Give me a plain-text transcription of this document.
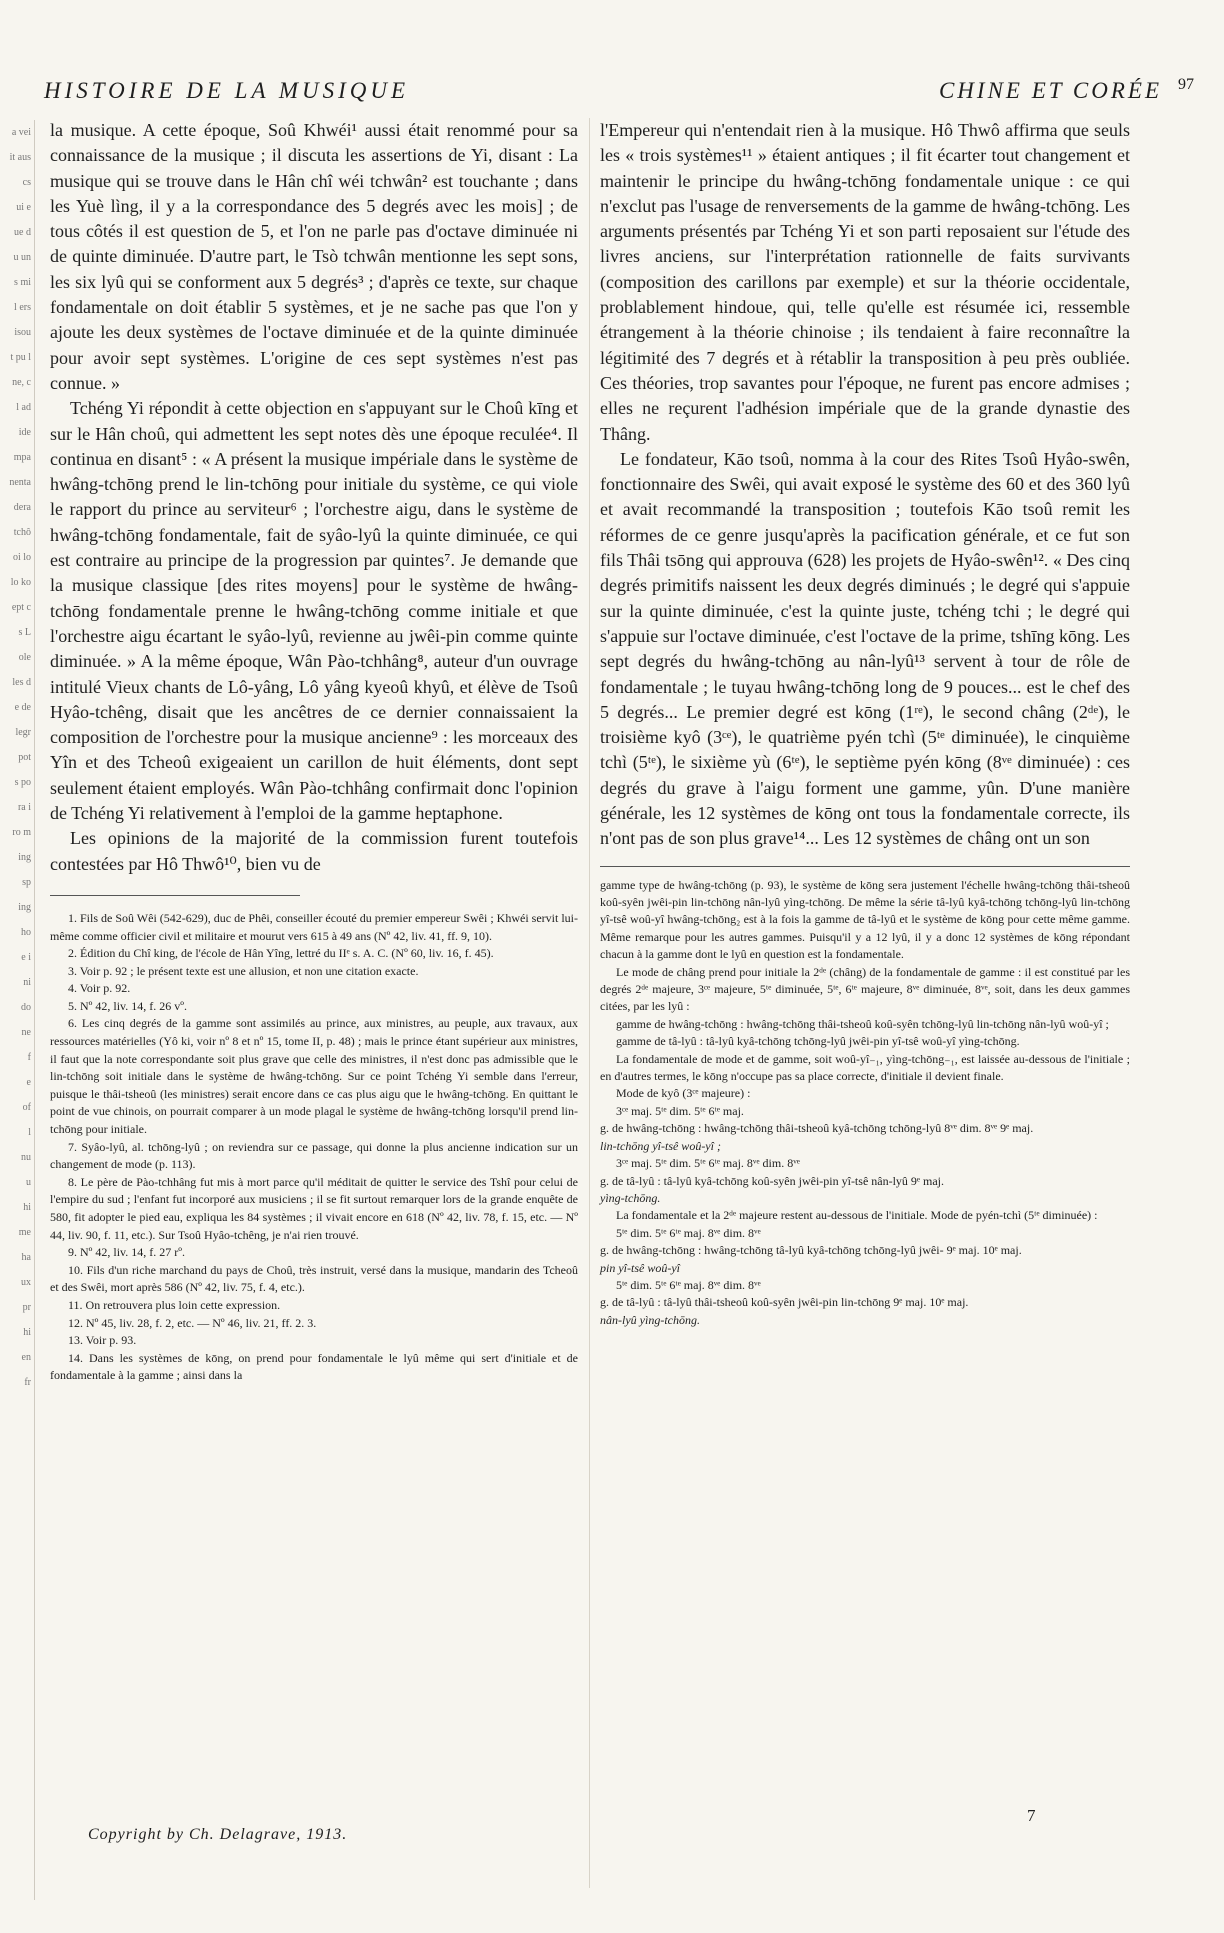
a vei
it aus
cs
ui e
ue d
u un
s mi
l ers
isou
t pu l
ne, c
l ad
ide
mpa
nenta
dera
tchô
oi lo
lo ko
ept c
s L
ole
les d
e de
legr
pot
s po
ra i
ro m
ing
sp
ing
ho
e i
ni
do
ne
f
e
of
l
nu
u
hi
me
ha
ux
pr
hi
en
fr
HISTOIRE DE LA MUSIQUE	CHINE ET CORÉE 97

la musique. A cette époque, Soû Khwéi¹ aussi était renommé pour sa connaissance de la musique ; il discuta les assertions de Yi, disant : La musique qui se trouve dans le Hân chî wéi tchwân² est touchante ; dans les Yuè lìng, il y a la correspondance des 5 degrés avec les mois] ; de tous côtés il est question de 5, et l'on ne parle pas d'octave diminuée ni de quinte diminuée. D'autre part, le Tsò tchwân mentionne les sept sons, les six lyû qui se conforment aux 5 degrés³ ; d'après ce texte, sur chaque fondamentale on doit établir 5 systèmes, et je ne sache pas que l'on y ajoute les deux systèmes de l'octave diminuée et de la quinte diminuée pour avoir sept systèmes. L'origine de ces sept systèmes n'est pas connue. »

Tchéng Yi répondit à cette objection en s'appuyant sur le Choû kīng et sur le Hân choû, qui admettent les sept notes dès une époque reculée⁴. Il continua en disant⁵ : « A présent la musique impériale dans le système de hwâng-tchōng prend le lin-tchōng pour initiale du système, ce qui viole le rapport du prince au serviteur⁶ ; l'orchestre aigu, dans le système de hwâng-tchōng fondamentale, fait de syâo-lyû la quinte diminuée, ce qui est contraire au principe de la progression par quintes⁷. Je demande que la musique classique [des rites moyens] pour le système de hwâng-tchōng fondamentale prenne le hwâng-tchōng comme initiale et que l'orchestre aigu écartant le syâo-lyû, revienne au jwêi-pin comme quinte diminuée. » A la même époque, Wân Pào-tchhâng⁸, auteur d'un ouvrage intitulé Vieux chants de Lô-yâng, Lô yâng kyeoû khyû, et élève de Tsoû Hyâo-tchêng, disait que les ancêtres de ce dernier connaissaient la composition de l'orchestre pour la musique ancienne⁹ : les morceaux des Yîn et des Tcheoû exigeaient un carillon de huit éléments, dont sept seulement étaient employés. Wân Pào-tchhâng confirmait donc l'opinion de Tchéng Yi relativement à l'emploi de la gamme heptaphone.

Les opinions de la majorité de la commission furent toutefois contestées par Hô Thwô¹⁰, bien vu de

1. Fils de Soû Wêi (542-629), duc de Phêi, conseiller écouté du premier empereur Swêi ; Khwéi servit lui-même comme officier civil et militaire et mourut vers 615 à 49 ans (Nº 42, liv. 41, ff. 9, 10).

2. Édition du Chî king, de l'école de Hân Yîng, lettré du IIᵉ s. A. C. (Nº 60, liv. 16, f. 45).

3. Voir p. 92 ; le présent texte est une allusion, et non une citation exacte.

4. Voir p. 92.

5. Nº 42, liv. 14, f. 26 vº.

6. Les cinq degrés de la gamme sont assimilés au prince, aux ministres, au peuple, aux travaux, aux ressources matérielles (Yô ki, voir nº 8 et nº 15, tome II, p. 48) ; mais le prince étant supérieur aux ministres, il faut que la note correspondante soit plus grave que celle des ministres, il n'est donc pas admissible que le lin-tchōng soit initiale dans le système de hwâng-tchōng. Sur ce point Tchéng Yi semble dans l'erreur, puisque le thâi-tsheoû (les ministres) serait encore dans ce cas plus aigu que le hwâng-tchōng. En quittant le point de vue chinois, on pourrait comparer à un mode plagal le système de hwâng-tchōng lorsqu'il prend lin-tchōng pour initiale.

7. Syâo-lyû, al. tchōng-lyû ; on reviendra sur ce passage, qui donne la plus ancienne indication sur un changement de mode (p. 113).

8. Le père de Pào-tchhâng fut mis à mort parce qu'il méditait de quitter le service des Tshî pour celui de l'empire du sud ; l'enfant fut incorporé aux musiciens ; il se fit surtout remarquer lors de la grande enquête de 580, fit adopter le pied eau, expliqua les 84 systèmes ; il vivait encore en 618 (Nº 42, liv. 78, f. 15, etc. — Nº 44, liv. 90, f. 11, etc.). Sur Tsoû Hyâo-tchêng, je n'ai rien trouvé.

9. Nº 42, liv. 14, f. 27 rº.

10. Fils d'un riche marchand du pays de Choû, très instruit, versé dans la musique, mandarin des Tcheoû et des Swêi, mort après 586 (Nº 42, liv. 75, f. 4, etc.).

11. On retrouvera plus loin cette expression.

12. Nº 45, liv. 28, f. 2, etc. — Nº 46, liv. 21, ff. 2. 3.

13. Voir p. 93.

14. Dans les systèmes de kōng, on prend pour fondamentale le lyû même qui sert d'initiale et de fondamentale à la gamme ; ainsi dans la

l'Empereur qui n'entendait rien à la musique. Hô Thwô affirma que seuls les « trois systèmes¹¹ » étaient antiques ; il fit écarter tout changement et maintenir le principe du hwâng-tchōng fondamentale unique : ce qui n'exclut pas l'usage de renversements de la gamme de hwâng-tchōng. Les arguments présentés par Tchéng Yi et son parti reposaient sur l'étude des livres anciens, sur l'interprétation rationnelle de faits survivants (composition des carillons par exemple) et sur la théorie occidentale, problablement hindoue, qui, telle qu'elle est résumée ici, ressemble étrangement à la théorie chinoise ; ils tendaient à faire reconnaître la légitimité des 7 degrés et à rétablir la transposition à peu près oubliée. Ces théories, trop savantes pour l'époque, ne furent pas encore admises ; elles ne reçurent l'adhésion impériale que de la grande dynastie des Thâng.

Le fondateur, Kāo tsoû, nomma à la cour des Rites Tsoû Hyâo-swên, fonctionnaire des Swêi, qui avait exposé le système des 60 et des 360 lyû et avait recommandé la transposition ; toutefois Kāo tsoû remit les réformes de ce genre jusqu'après la pacification générale, et ce fut son fils Thâi tsōng qui approuva (628) les projets de Hyâo-swên¹². « Des cinq degrés primitifs naissent les deux degrés diminués ; le degré qui s'appuie sur la quinte diminuée, c'est la quinte juste, tchéng tchi ; le degré qui s'appuie sur l'octave diminuée, c'est l'octave de la prime, tshīng kōng. Les sept degrés du hwâng-tchōng au nân-lyû¹³ servent à tour de rôle de fondamentale ; le tuyau hwâng-tchōng long de 9 pouces... est le chef des 5 degrés... Le premier degré est kōng (1ʳᵉ), le second châng (2ᵈᵉ), le troisième kyô (3ᶜᵉ), le quatrième pyén tchì (5ᵗᵉ diminuée), le cinquième tchì (5ᵗᵉ), le sixième yù (6ᵗᵉ), le septième pyén kōng (8ᵛᵉ diminuée) : ces degrés du grave à l'aigu forment une gamme, yûn. D'une manière générale, les 12 systèmes de kōng ont tous la fondamentale correcte, ils n'ont pas de son plus grave¹⁴... Les 12 systèmes de châng ont un son

gamme type de hwâng-tchōng (p. 93), le système de kōng sera justement l'échelle hwâng-tchōng thâi-tsheoû koû-syên jwêi-pin lin-tchōng nân-lyû yìng-tchōng. De même la série tâ-lyû kyâ-tchōng tchōng-lyû lin-tchōng yî-tsê woû-yî hwâng-tchōng₂ est à la fois la gamme de tâ-lyû et le système de kōng pour cette même gamme. Même remarque pour les autres gammes. Puisqu'il y a 12 lyû, il y a donc 12 systèmes de kōng répondant chacun à la gamme dont le lyû en question est la fondamentale.

Le mode de châng prend pour initiale la 2ᵈᵉ (châng) de la fondamentale de gamme : il est constitué par les degrés 2ᵈᵉ majeure, 3ᶜᵉ majeure, 5ᵗᵉ diminuée, 5ᵗᵉ, 6ᵗᵉ majeure, 8ᵛᵉ diminuée, 8ᵛᵉ, soit, dans les deux gammes citées, par les lyû :

gamme de hwâng-tchōng : hwâng-tchōng thâi-tsheoû koû-syên tchōng-lyû lin-tchōng nân-lyû woû-yî ;

gamme de tâ-lyû : tâ-lyû kyâ-tchōng tchōng-lyû jwêi-pin yî-tsê woû-yî yìng-tchōng.

La fondamentale de mode et de gamme, soit woû-yî₋₁, yìng-tchōng₋₁, est laissée au-dessous de l'initiale ; en d'autres termes, le kōng n'occupe pas sa place correcte, d'initiale il devient finale.

Mode de kyô (3ᶜᵉ majeure) :

3ᶜᵉ maj. 5ᵗᵉ dim. 5ᵗᵉ 6ᵗᵉ maj.

g. de hwâng-tchōng : hwâng-tchōng thâi-tsheoû kyâ-tchōng tchōng-lyû 8ᵛᵉ dim. 8ᵛᵉ 9ᵉ maj.

lin-tchōng yî-tsê woû-yî ;

3ᶜᵉ maj. 5ᵗᵉ dim. 5ᵗᵉ 6ᵗᵉ maj. 8ᵛᵉ dim. 8ᵛᵉ

g. de tâ-lyû : tâ-lyû kyâ-tchōng koû-syên jwêi-pin yî-tsê nân-lyû 9ᵉ maj.

yìng-tchōng.

La fondamentale et la 2ᵈᵉ majeure restent au-dessous de l'initiale. Mode de pyén-tchì (5ᵗᵉ diminuée) :

5ᵗᵉ dim. 5ᵗᵉ 6ᵗᵉ maj. 8ᵛᵉ dim. 8ᵛᵉ

g. de hwâng-tchōng : hwâng-tchōng tâ-lyû kyâ-tchōng tchōng-lyû jwêi- 9ᵉ maj. 10ᵉ maj.

pin yî-tsê woû-yî

5ᵗᵉ dim. 5ᵗᵉ 6ᵗᵉ maj. 8ᵛᵉ dim. 8ᵛᵉ

g. de tâ-lyû : tâ-lyû thâi-tsheoû koû-syên jwêi-pin lin-tchōng 9ᵉ maj. 10ᵉ maj.

nân-lyû yìng-tchōng.

Copyright by Ch. Delagrave, 1913.
7
